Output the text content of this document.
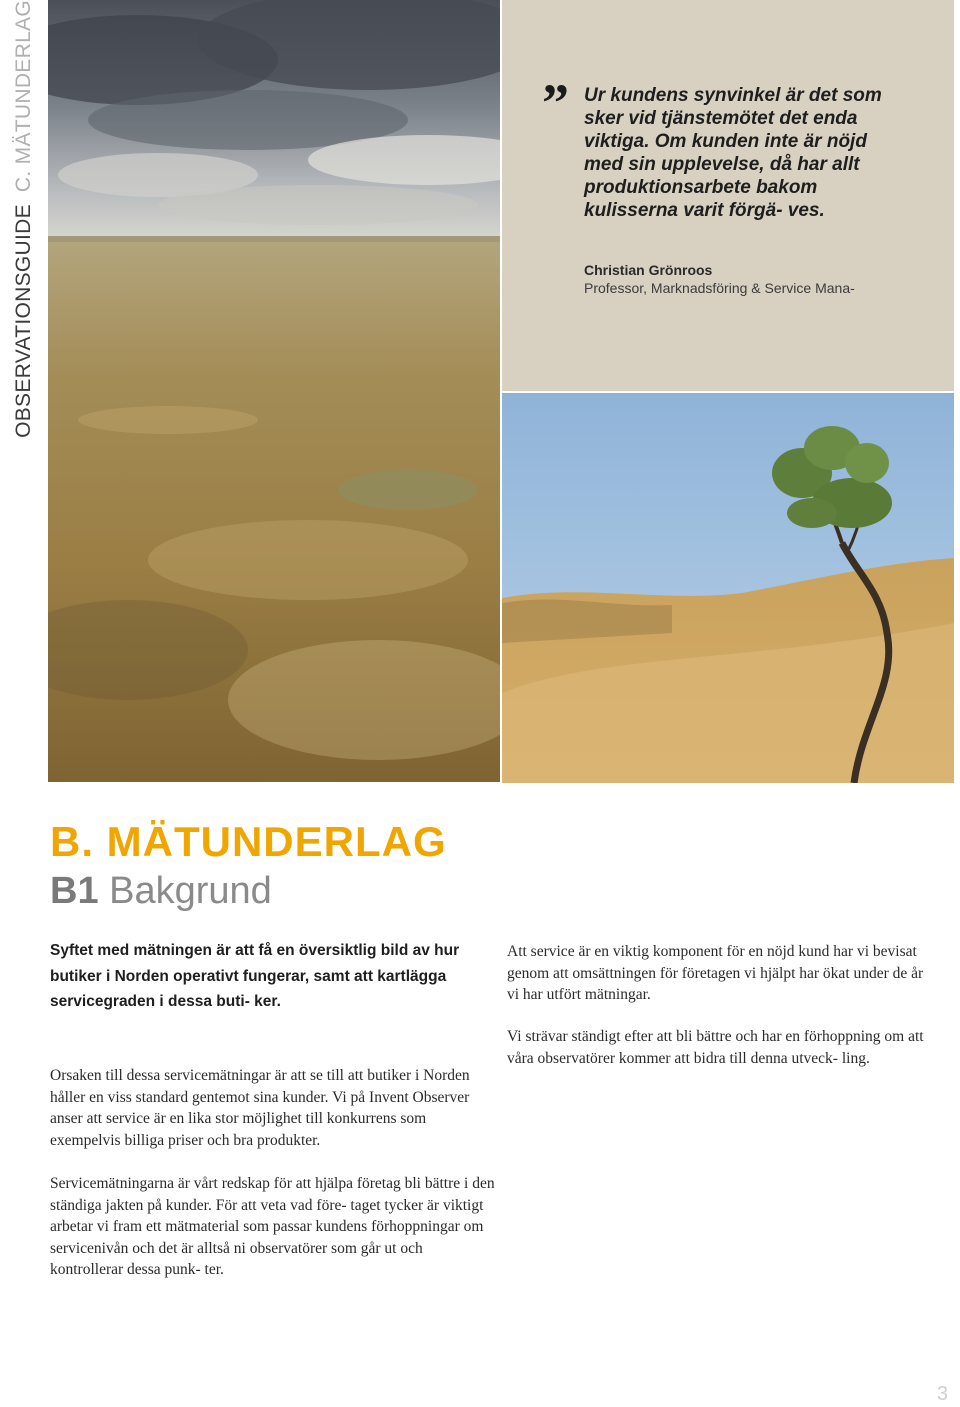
OBSERVATIONSGUIDE
C. MÄTUNDERLAG	” Ur kundens synvinkel är det som sker vid tjänstemötet det enda viktiga. Om kunden inte är nöjd med sin upplevelse, då har allt produktionsarbete bakom kulisserna varit förgä- ves.
Christian Grönroos
Professor, Marknadsföring & Service Mana-
B. MÄTUNDERLAG
B1 Bakgrund
Syftet med mätningen är att få en översiktlig bild av hur butiker i Norden operativt fungerar, samt att kartlägga servicegraden i dessa buti- ker.

Orsaken till dessa servicemätningar är att se till att butiker i Norden håller en viss standard gentemot sina kunder. Vi på Invent Observer anser att service är en lika stor möjlighet till konkurrens som exempelvis billiga priser och bra produkter.

Servicemätningarna är vårt redskap för att hjälpa företag bli bättre i den ständiga jakten på kunder. För att veta vad före- taget tycker är viktigt arbetar vi fram ett mätmaterial som passar kundens förhoppningar om servicenivån och det är alltså ni observatörer som går ut och kontrollerar dessa punk- ter.

Att service är en viktig komponent för en nöjd kund har vi bevisat genom att omsättningen för företagen vi hjälpt har ökat under de år vi har utfört mätningar.

Vi strävar ständigt efter att bli bättre och har en förhoppning om att våra observatörer kommer att bidra till denna utveck- ling.

3
